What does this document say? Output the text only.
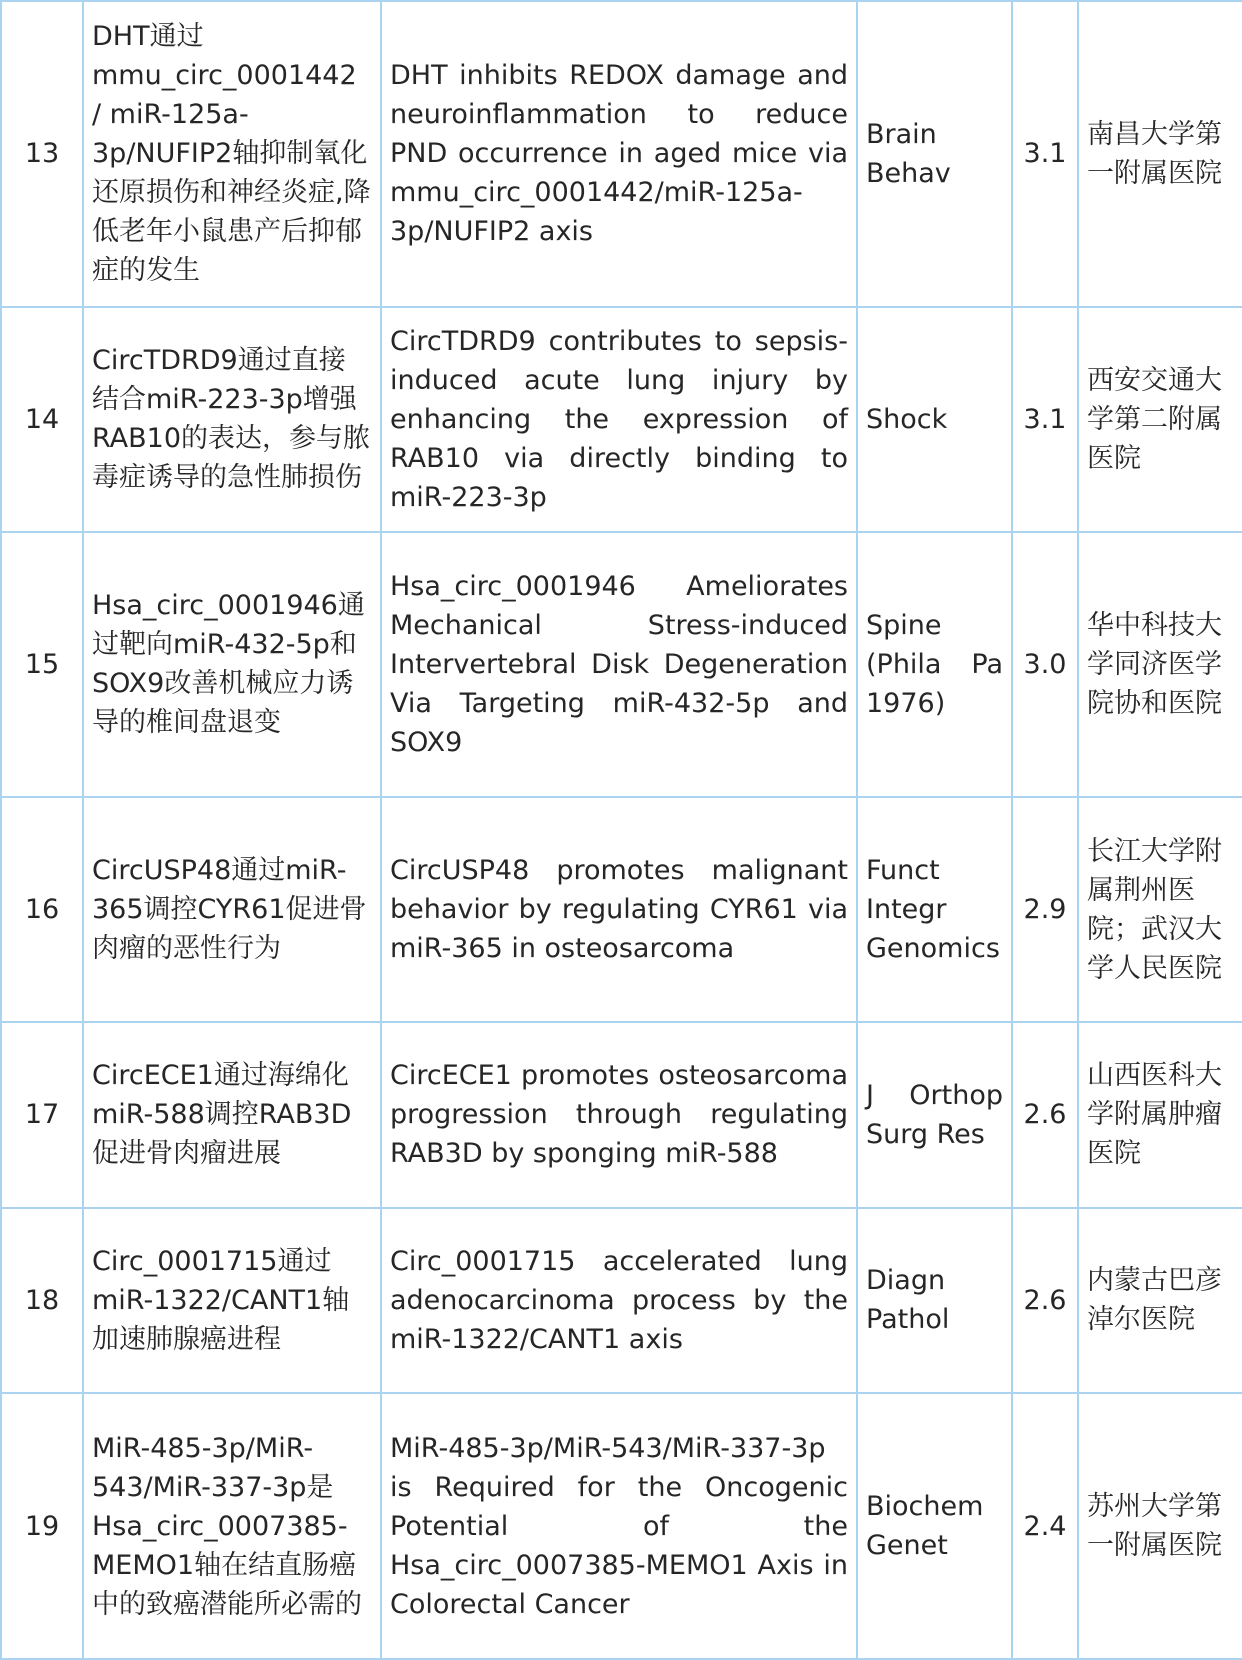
13	DHT通过mmu_circ_0001442 / miR-125a-3p/NUFIP2轴抑制氧化还原损伤和神经炎症,降低老年小鼠患产后抑郁症的发生	DHT inhibits REDOX damage and neuroinflammation to reduce PND occurrence in aged mice via mmu_circ_0001442/miR-125a-3p/NUFIP2 axis	Brain Behav	3.1	南昌大学第一附属医院

14	CircTDRD9通过直接结合miR-223-3p增强RAB10的表达，参与脓毒症诱导的急性肺损伤	CircTDRD9 contributes to sepsis-induced acute lung injury by enhancing the expression of RAB10 via directly binding to miR-223-3p	Shock	3.1	西安交通大学第二附属医院

15	Hsa_circ_0001946通过靶向miR-432-5p和SOX9改善机械应力诱导的椎间盘退变	Hsa_circ_0001946 Ameliorates Mechanical Stress-induced Intervertebral Disk Degeneration Via Targeting miR-432-5p and SOX9	Spine (Phila Pa 1976)	3.0	华中科技大学同济医学院协和医院

16	CircUSP48通过miR-365调控CYR61促进骨肉瘤的恶性行为	CircUSP48 promotes malignant behavior by regulating CYR61 via miR-365 in osteosarcoma	Funct Integr Genomics	2.9	长江大学附属荆州医院；武汉大学人民医院

17	CircECE1通过海绵化miR-588调控RAB3D促进骨肉瘤进展	CircECE1 promotes osteosarcoma progression through regulating RAB3D by sponging miR-588	J Orthop Surg Res	2.6	山西医科大学附属肿瘤医院

18	Circ_0001715通过miR-1322/CANT1轴加速肺腺癌进程	Circ_0001715 accelerated lung adenocarcinoma process by the miR-1322/CANT1 axis	Diagn Pathol	2.6	内蒙古巴彦淖尔医院

19	MiR-485-3p/MiR-543/MiR-337-3p是Hsa_circ_0007385-MEMO1轴在结直肠癌中的致癌潜能所必需的	MiR-485-3p/MiR-543/MiR-337-3p is Required for the Oncogenic Potential of the Hsa_circ_0007385-MEMO1 Axis in Colorectal Cancer	Biochem Genet	2.4	苏州大学第一附属医院
